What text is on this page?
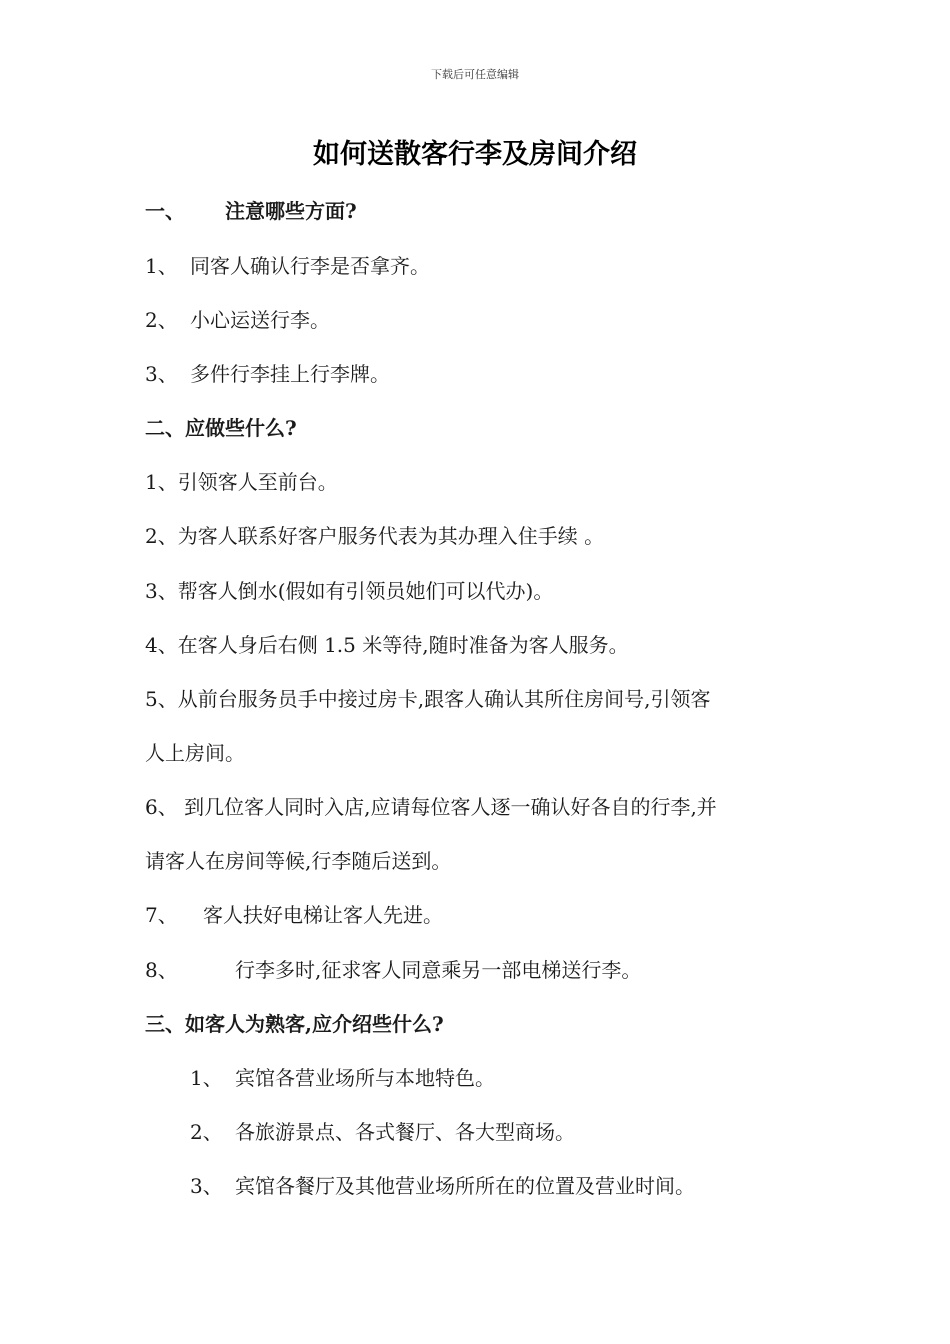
下载后可任意编辑
如何送散客行李及房间介绍
一、 注意哪些方面?
1、 同客人确认行李是否拿齐。
2、 小心运送行李。
3、 多件行李挂上行李牌。
二、应做些什么?
1、引领客人至前台。
2、为客人联系好客户服务代表为其办理入住手续 。
3、帮客人倒水(假如有引领员她们可以代办)。
4、在客人身后右侧 1.5 米等待,随时准备为客人服务。
5、从前台服务员手中接过房卡,跟客人确认其所住房间号,引领客
人上房间。
6、 到几位客人同时入店,应请每位客人逐一确认好各自的行李,并
请客人在房间等候,行李随后送到。
7、 客人扶好电梯让客人先进。
8、	行李多时,征求客人同意乘另一部电梯送行李。
三、如客人为熟客,应介绍些什么?
1、 宾馆各营业场所与本地特色。
2、 各旅游景点、各式餐厅、各大型商场。
3、 宾馆各餐厅及其他营业场所所在的位置及营业时间。
